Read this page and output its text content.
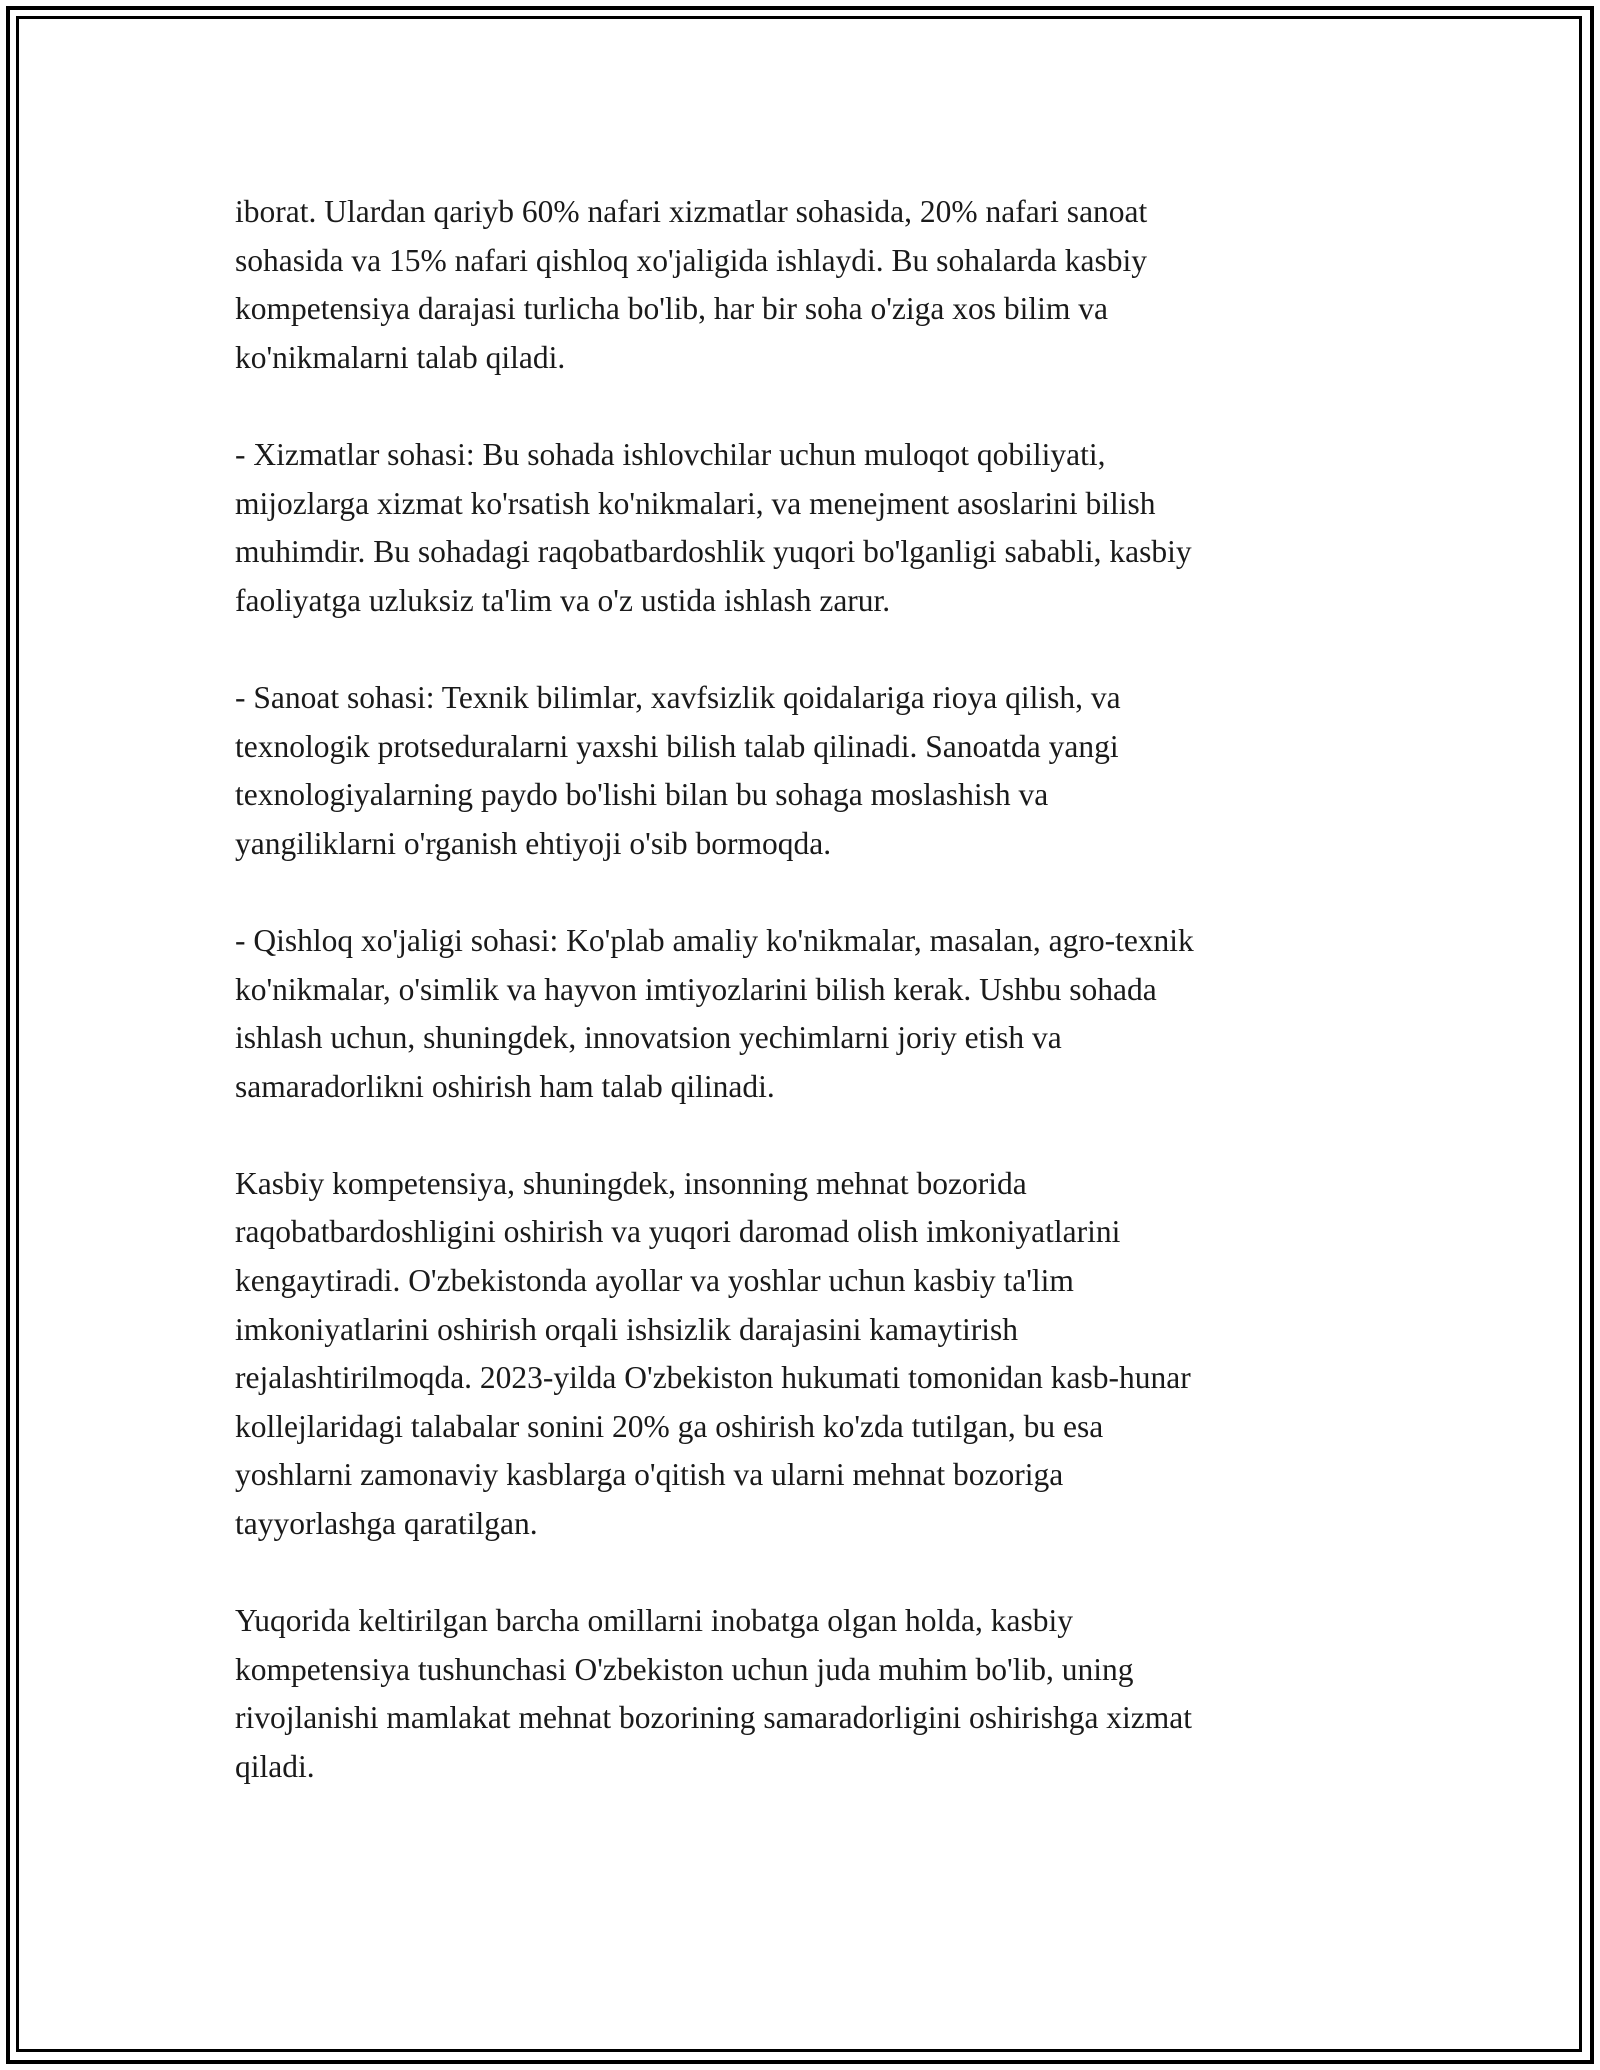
iborat. Ulardan qariyb 60% nafari xizmatlar sohasida, 20% nafari sanoat
sohasida va 15% nafari qishloq xo'jaligida ishlaydi. Bu sohalarda kasbiy
kompetensiya darajasi turlicha bo'lib, har bir soha o'ziga xos bilim va
ko'nikmalarni talab qiladi.
- Xizmatlar sohasi: Bu sohada ishlovchilar uchun muloqot qobiliyati,
mijozlarga xizmat ko'rsatish ko'nikmalari, va menejment asoslarini bilish
muhimdir. Bu sohadagi raqobatbardoshlik yuqori bo'lganligi sababli, kasbiy
faoliyatga uzluksiz ta'lim va o'z ustida ishlash zarur.
- Sanoat sohasi: Texnik bilimlar, xavfsizlik qoidalariga rioya qilish, va
texnologik protseduralarni yaxshi bilish talab qilinadi. Sanoatda yangi
texnologiyalarning paydo bo'lishi bilan bu sohaga moslashish va
yangiliklarni o'rganish ehtiyoji o'sib bormoqda.
- Qishloq xo'jaligi sohasi: Ko'plab amaliy ko'nikmalar, masalan, agro-texnik
ko'nikmalar, o'simlik va hayvon imtiyozlarini bilish kerak. Ushbu sohada
ishlash uchun, shuningdek, innovatsion yechimlarni joriy etish va
samaradorlikni oshirish ham talab qilinadi.
Kasbiy kompetensiya, shuningdek, insonning mehnat bozorida
raqobatbardoshligini oshirish va yuqori daromad olish imkoniyatlarini
kengaytiradi. O'zbekistonda ayollar va yoshlar uchun kasbiy ta'lim
imkoniyatlarini oshirish orqali ishsizlik darajasini kamaytirish
rejalashtirilmoqda. 2023-yilda O'zbekiston hukumati tomonidan kasb-hunar
kollejlaridagi talabalar sonini 20% ga oshirish ko'zda tutilgan, bu esa
yoshlarni zamonaviy kasblarga o'qitish va ularni mehnat bozoriga
tayyorlashga qaratilgan.
Yuqorida keltirilgan barcha omillarni inobatga olgan holda, kasbiy
kompetensiya tushunchasi O'zbekiston uchun juda muhim bo'lib, uning
rivojlanishi mamlakat mehnat bozorining samaradorligini oshirishga xizmat
qiladi.
